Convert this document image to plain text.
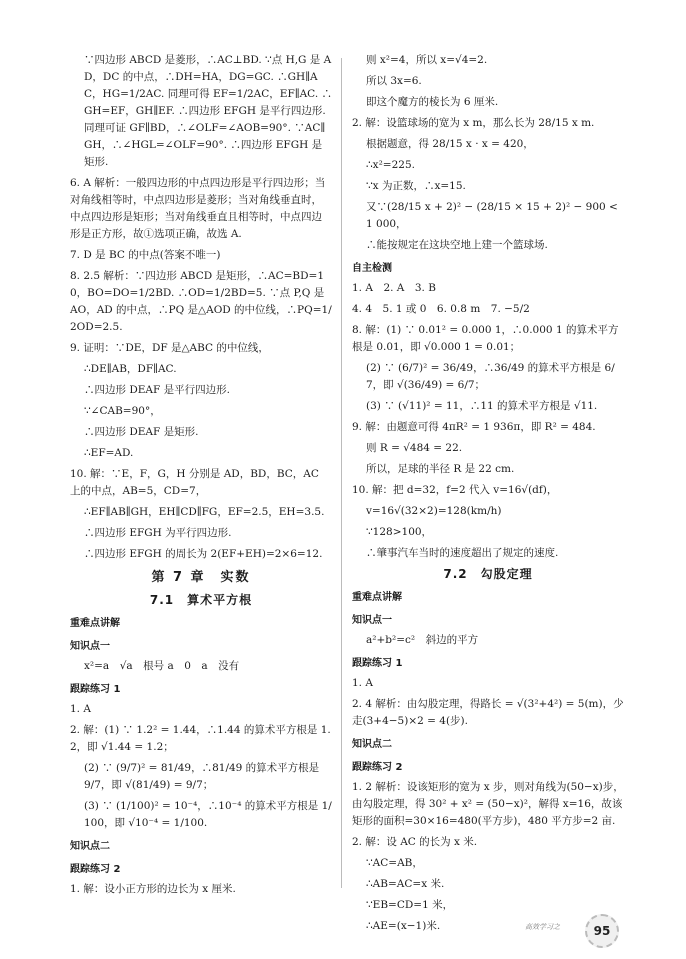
∵四边形 ABCD 是菱形，∴AC⊥BD. ∵点 H,G 是 AD，DC 的中点，∴DH=HA，DG=GC. ∴GH∥AC，HG=1/2AC. 同理可得 EF=1/2AC，EF∥AC. ∴GH=EF，GH∥EF. ∴四边形 EFGH 是平行四边形. 同理可证 GF∥BD，∴∠OLF=∠AOB=90°. ∵AC∥GH，∴∠HGL=∠OLF=90°. ∴四边形 EFGH 是矩形.

6. A 解析：一般四边形的中点四边形是平行四边形；当对角线相等时，中点四边形是菱形；当对角线垂直时，中点四边形是矩形；当对角线垂直且相等时，中点四边形是正方形，故①选项正确，故选 A.

7. D 是 BC 的中点(答案不唯一)

8. 2.5 解析：∵四边形 ABCD 是矩形，∴AC=BD=10，BO=DO=1/2BD. ∴OD=1/2BD=5. ∵点 P,Q 是 AO，AD 的中点，∴PQ 是△AOD 的中位线，∴PQ=1/2OD=2.5.

9. 证明：∵DE，DF 是△ABC 的中位线，

∴DE∥AB，DF∥AC.

∴四边形 DEAF 是平行四边形.

∵∠CAB=90°，

∴四边形 DEAF 是矩形.

∴EF=AD.

10. 解：∵E，F，G，H 分别是 AD，BD，BC，AC 上的中点，AB=5，CD=7，

∴EF∥AB∥GH，EH∥CD∥FG，EF=2.5，EH=3.5.

∴四边形 EFGH 为平行四边形.

∴四边形 EFGH 的周长为 2(EF+EH)=2×6=12.

第 7 章　实数
7.1　算术平方根
重难点讲解
知识点一

x²=a　√a　根号 a　0　a　没有

跟踪练习 1

1. A

2. 解：(1) ∵ 1.2² = 1.44，∴1.44 的算术平方根是 1.2，即 √1.44 = 1.2；

(2) ∵ (9/7)² = 81/49，∴81/49 的算术平方根是 9/7，即 √(81/49) = 9/7；

(3) ∵ (1/100)² = 10⁻⁴，∴10⁻⁴ 的算术平方根是 1/100，即 √10⁻⁴ = 1/100.

知识点二
跟踪练习 2

1. 解：设小正方形的边长为 x 厘米.

则 x²=4，所以 x=√4=2.

所以 3x=6.

即这个魔方的棱长为 6 厘米.

2. 解：设篮球场的宽为 x m，那么长为 28/15 x m.

根据题意，得 28/15 x · x = 420，

∴x²=225.

∵x 为正数，∴x=15.

又∵(28/15 x + 2)² − (28/15 × 15 + 2)² − 900 < 1 000，

∴能按规定在这块空地上建一个篮球场.

自主检测

1. A　2. A　3. B

4. 4　5. 1 或 0　6. 0.8 m　7. −5/2

8. 解：(1) ∵ 0.01² = 0.000 1，∴0.000 1 的算术平方根是 0.01，即 √0.000 1 = 0.01；

(2) ∵ (6/7)² = 36/49，∴36/49 的算术平方根是 6/7，即 √(36/49) = 6/7；

(3) ∵ (√11)² = 11，∴11 的算术平方根是 √11.

9. 解：由题意可得 4πR² = 1 936π，即 R² = 484.

则 R = √484 = 22.

所以，足球的半径 R 是 22 cm.

10. 解：把 d=32，f=2 代入 v=16√(df)，

v=16√(32×2)=128(km/h)

∵128>100，

∴肇事汽车当时的速度超出了规定的速度.

7.2　勾股定理
重难点讲解
知识点一

a²+b²=c²　斜边的平方

跟踪练习 1

1. A

2. 4 解析：由勾股定理，得路长 = √(3²+4²) = 5(m)，少走(3+4−5)×2 = 4(步).

知识点二
跟踪练习 2

1. 2 解析：设该矩形的宽为 x 步，则对角线为(50−x)步，由勾股定理，得 30² + x² = (50−x)²，解得 x=16，故该矩形的面积=30×16=480(平方步)，480 平方步=2 亩.

2. 解：设 AC 的长为 x 米.

∵AC=AB，

∴AB=AC=x 米.

∵EB=CD=1 米，

∴AE=(x−1)米.	高效学习之	95
